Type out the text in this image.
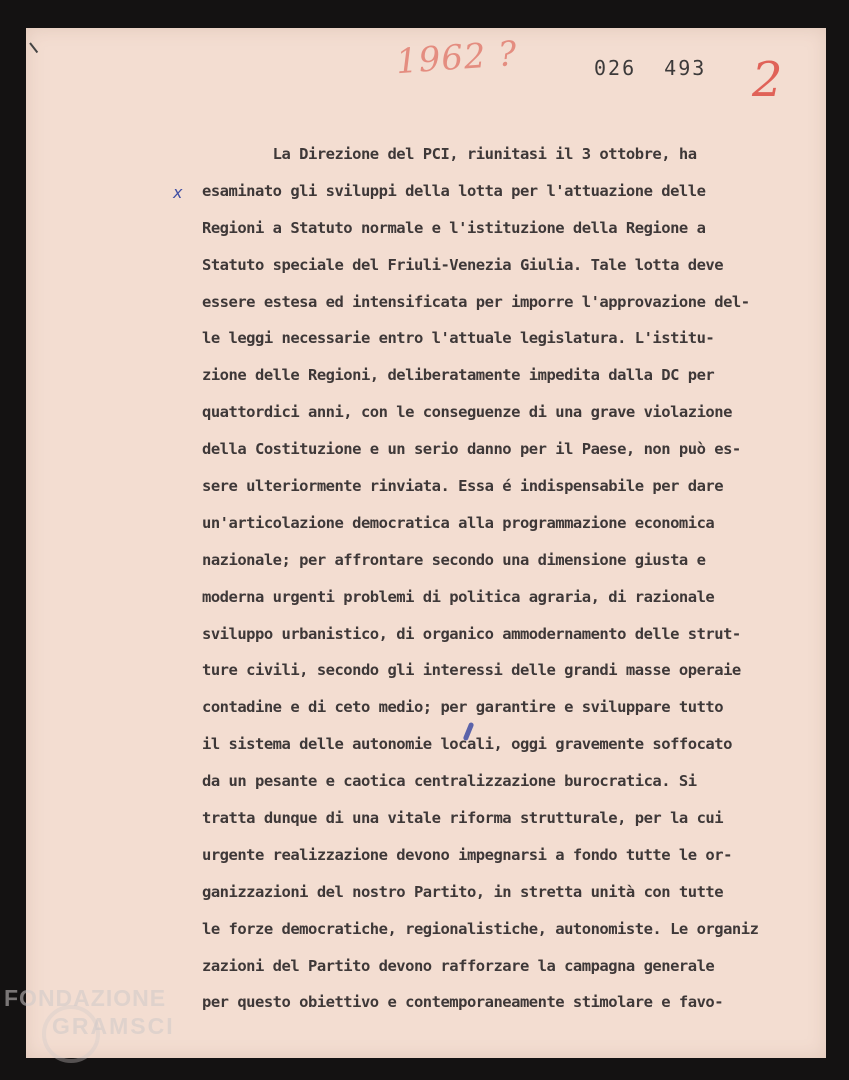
1962 ?	026 493 2
x
La Direzione del PCI, riunitasi il 3 ottobre, ha
esaminato gli sviluppi della lotta per l'attuazione delle
Regioni a Statuto normale e l'istituzione della Regione a
Statuto speciale del Friuli-Venezia Giulia. Tale lotta deve
essere estesa ed intensificata per imporre l'approvazione del-
le leggi necessarie entro l'attuale legislatura. L'istitu-
zione delle Regioni, deliberatamente impedita dalla DC per
quattordici anni, con le conseguenze di una grave violazione
della Costituzione e un serio danno per il Paese, non può es-
sere ulteriormente rinviata. Essa é indispensabile per dare
un'articolazione democratica alla programmazione economica
nazionale; per affrontare secondo una dimensione giusta e
moderna urgenti problemi di politica agraria, di razionale
sviluppo urbanistico, di organico ammodernamento delle strut-
ture civili, secondo gli interessi delle grandi masse operaie
contadine e di ceto medio; per garantire e sviluppare tutto
il sistema delle autonomie locali, oggi gravemente soffocato
da un pesante e caotica centralizzazione burocratica. Si
tratta dunque di una vitale riforma strutturale, per la cui
urgente realizzazione devono impegnarsi a fondo tutte le or-
ganizzazioni del nostro Partito, in stretta unità con tutte
le forze democratiche, regionalistiche, autonomiste. Le organiz
zazioni del Partito devono rafforzare la campagna generale
per questo obiettivo e contemporaneamente stimolare e favo-
FONDAZIONE
GRAMSCI
